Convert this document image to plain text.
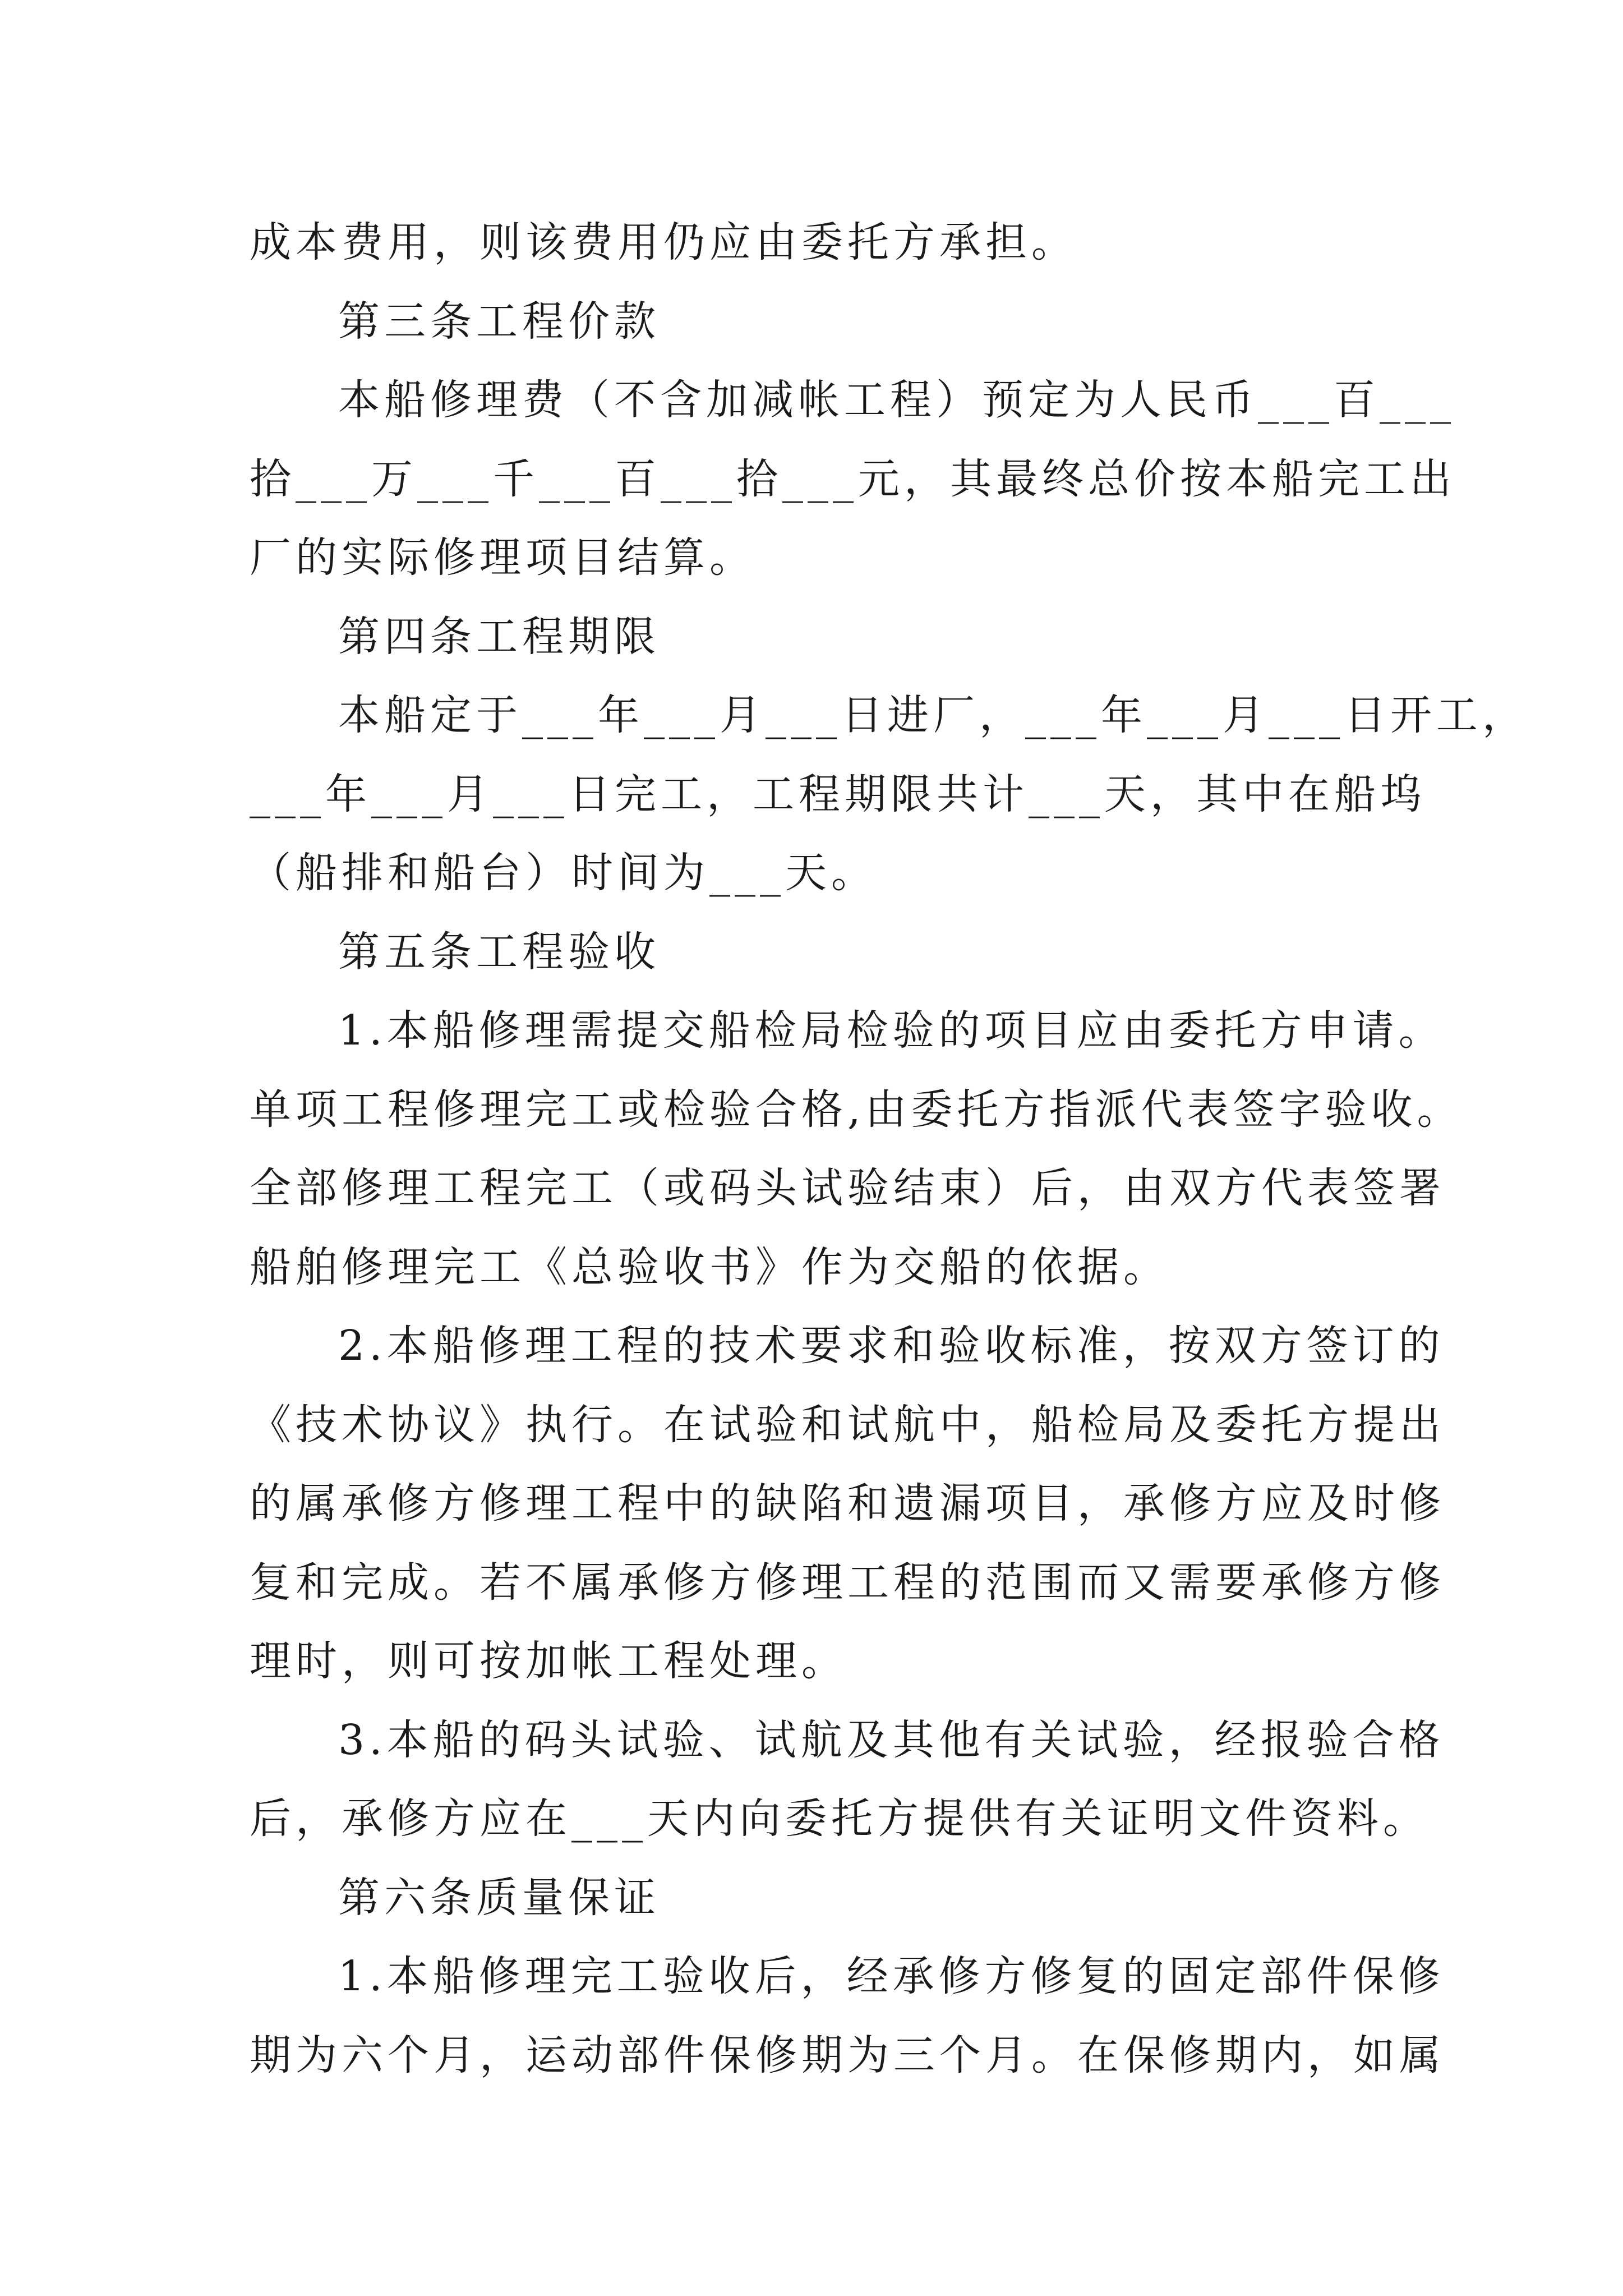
成本费用，则该费用仍应由委托方承担。
第三条工程价款
本船修理费（不含加减帐工程）预定为人民币___百___
拾___万___千___百___拾___元，其最终总价按本船完工出
厂的实际修理项目结算。
第四条工程期限
本船定于___年___月___日进厂，___年___月___日开工，
___年___月___日完工，工程期限共计___天，其中在船坞
（船排和船台）时间为___天。
第五条工程验收
1.本船修理需提交船检局检验的项目应由委托方申请。
单项工程修理完工或检验合格,由委托方指派代表签字验收。
全部修理工程完工（或码头试验结束）后，由双方代表签署
船舶修理完工《总验收书》作为交船的依据。
2.本船修理工程的技术要求和验收标准，按双方签订的
《技术协议》执行。在试验和试航中，船检局及委托方提出
的属承修方修理工程中的缺陷和遗漏项目，承修方应及时修
复和完成。若不属承修方修理工程的范围而又需要承修方修
理时，则可按加帐工程处理。
3.本船的码头试验、试航及其他有关试验，经报验合格
后，承修方应在___天内向委托方提供有关证明文件资料。
第六条质量保证
1.本船修理完工验收后，经承修方修复的固定部件保修
期为六个月，运动部件保修期为三个月。在保修期内，如属
